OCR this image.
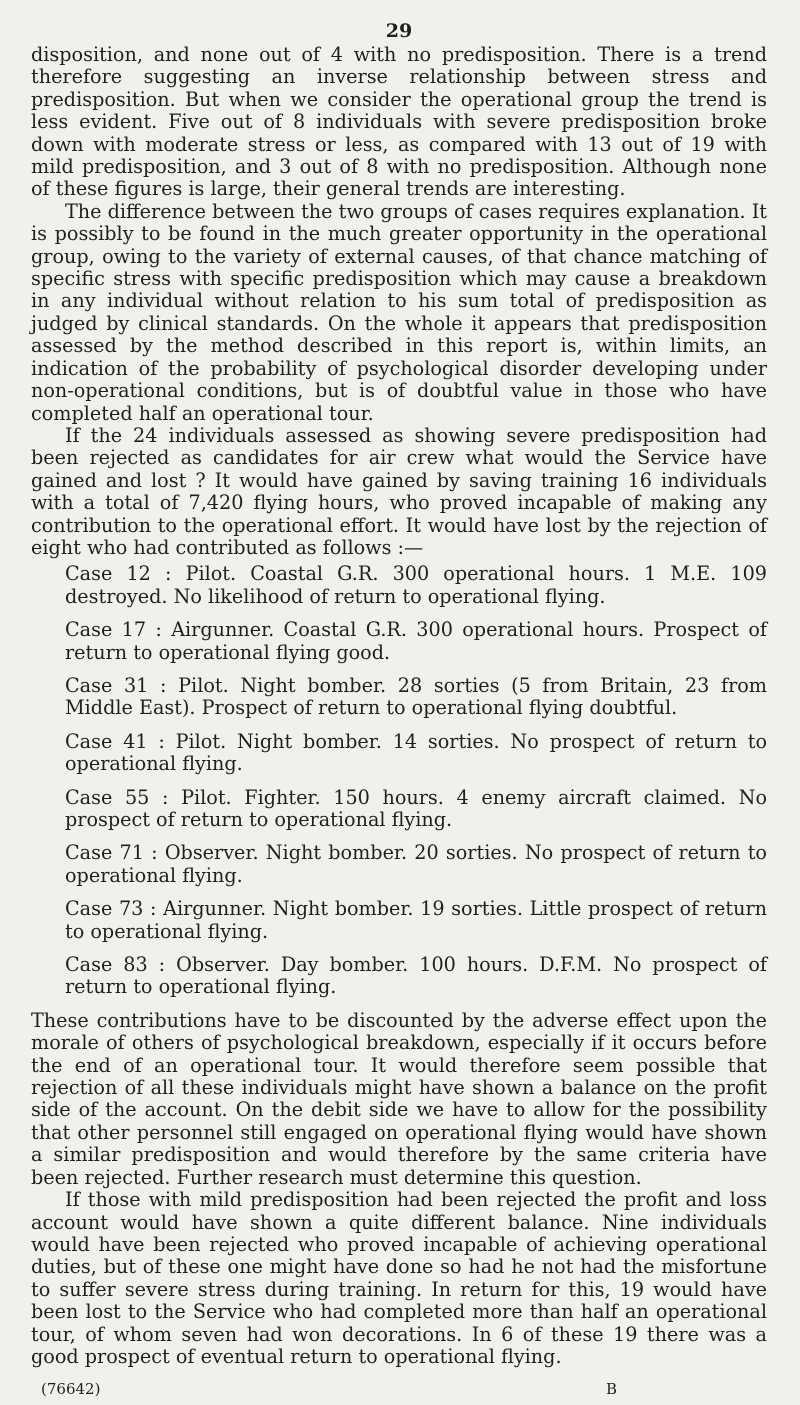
29

disposition, and none out of 4 with no predisposition. There is a trend therefore suggesting an inverse relationship between stress and predisposition. But when we consider the operational group the trend is less evident. Five out of 8 individuals with severe predisposition broke down with moderate stress or less, as compared with 13 out of 19 with mild predisposition, and 3 out of 8 with no predisposition. Although none of these figures is large, their general trends are interesting.

The difference between the two groups of cases requires explanation. It is possibly to be found in the much greater opportunity in the operational group, owing to the variety of external causes, of that chance matching of specific stress with specific predisposition which may cause a breakdown in any individual without relation to his sum total of predisposition as judged by clinical standards. On the whole it appears that predisposition assessed by the method described in this report is, within limits, an indication of the probability of psychological disorder developing under non-operational conditions, but is of doubtful value in those who have completed half an operational tour.

If the 24 individuals assessed as showing severe predisposition had been rejected as candidates for air crew what would the Service have gained and lost ? It would have gained by saving training 16 individuals with a total of 7,420 flying hours, who proved incapable of making any contribution to the operational effort. It would have lost by the rejection of eight who had contributed as follows :—

Case 12 : Pilot. Coastal G.R. 300 operational hours. 1 M.E. 109 destroyed. No likelihood of return to operational flying.

Case 17 : Airgunner. Coastal G.R. 300 operational hours. Prospect of return to operational flying good.

Case 31 : Pilot. Night bomber. 28 sorties (5 from Britain, 23 from Middle East). Prospect of return to operational flying doubtful.

Case 41 : Pilot. Night bomber. 14 sorties. No prospect of return to operational flying.

Case 55 : Pilot. Fighter. 150 hours. 4 enemy aircraft claimed. No prospect of return to operational flying.

Case 71 : Observer. Night bomber. 20 sorties. No prospect of return to operational flying.

Case 73 : Airgunner. Night bomber. 19 sorties. Little prospect of return to operational flying.

Case 83 : Observer. Day bomber. 100 hours. D.F.M. No prospect of return to operational flying.

These contributions have to be discounted by the adverse effect upon the morale of others of psychological breakdown, especially if it occurs before the end of an operational tour. It would therefore seem possible that rejection of all these individuals might have shown a balance on the profit side of the account. On the debit side we have to allow for the possibility that other personnel still engaged on operational flying would have shown a similar predisposition and would therefore by the same criteria have been rejected. Further research must determine this question.

If those with mild predisposition had been rejected the profit and loss account would have shown a quite different balance. Nine individuals would have been rejected who proved incapable of achieving operational duties, but of these one might have done so had he not had the misfortune to suffer severe stress during training. In return for this, 19 would have been lost to the Service who had completed more than half an operational tour, of whom seven had won decorations. In 6 of these 19 there was a good prospect of eventual return to operational flying.

(76642)	B
